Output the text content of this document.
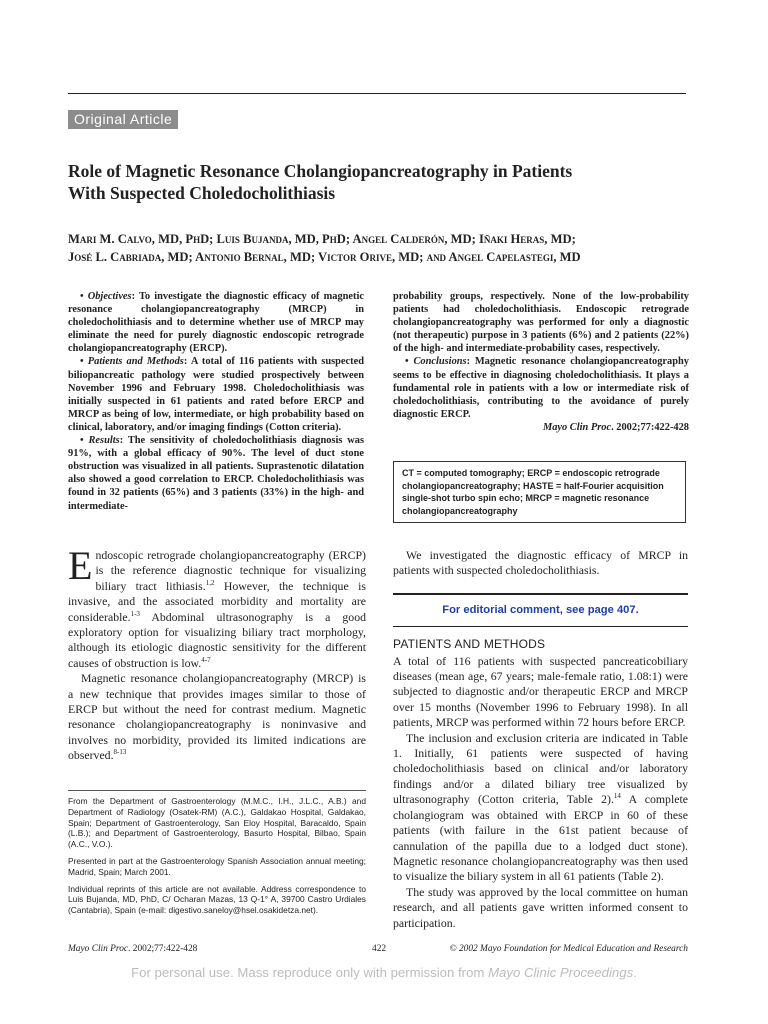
Original Article
Role of Magnetic Resonance Cholangiopancreatography in Patients
With Suspected Choledocholithiasis
Mari M. Calvo, MD, PhD; Luis Bujanda, MD, PhD; Angel Calderón, MD; Iñaki Heras, MD;
José L. Cabriada, MD; Antonio Bernal, MD; Victor Orive, MD; and Angel Capelastegi, MD

• Objectives: To investigate the diagnostic efficacy of magnetic resonance cholangiopancreatography (MRCP) in choledocholithiasis and to determine whether use of MRCP may eliminate the need for purely diagnostic endoscopic retrograde cholangiopancreatography (ERCP).

• Patients and Methods: A total of 116 patients with suspected biliopancreatic pathology were studied prospectively between November 1996 and February 1998. Choledocholithiasis was initially suspected in 61 patients and rated before ERCP and MRCP as being of low, intermediate, or high probability based on clinical, laboratory, and/or imaging findings (Cotton criteria).

• Results: The sensitivity of choledocholithiasis diagnosis was 91%, with a global efficacy of 90%. The level of duct stone obstruction was visualized in all patients. Suprastenotic dilatation also showed a good correlation to ERCP. Choledocholithiasis was found in 32 patients (65%) and 3 patients (33%) in the high- and intermediate-

probability groups, respectively. None of the low-probability patients had choledocholithiasis. Endoscopic retrograde cholangiopancreatography was performed for only a diagnostic (not therapeutic) purpose in 3 patients (6%) and 2 patients (22%) of the high- and intermediate-probability cases, respectively.

• Conclusions: Magnetic resonance cholangiopancreatography seems to be effective in diagnosing choledocholithiasis. It plays a fundamental role in patients with a low or intermediate risk of choledocholithiasis, contributing to the avoidance of purely diagnostic ERCP.

Mayo Clin Proc. 2002;77:422-428
CT = computed tomography; ERCP = endoscopic retrograde cholangiopancreatography; HASTE = half-Fourier acquisition single-shot turbo spin echo; MRCP = magnetic resonance cholangiopancreatography

Endoscopic retrograde cholangiopancreatography (ERCP) is the reference diagnostic technique for visualizing biliary tract lithiasis.$^{1,2}$ However, the technique is invasive, and the associated morbidity and mortality are considerable.$^{1-3}$ Abdominal ultrasonography is a good exploratory option for visualizing biliary tract morphology, although its etiologic diagnostic sensitivity for the different causes of obstruction is low.$^{4-7}$

Magnetic resonance cholangiopancreatography (MRCP) is a new technique that provides images similar to those of ERCP but without the need for contrast medium. Magnetic resonance cholangiopancreatography is noninvasive and involves no morbidity, provided its limited indications are observed.$^{8-13}$

We investigated the diagnostic efficacy of MRCP in patients with suspected choledocholithiasis.

For editorial comment, see page 407.
PATIENTS AND METHODS

A total of 116 patients with suspected pancreaticobiliary diseases (mean age, 67 years; male-female ratio, 1.08:1) were subjected to diagnostic and/or therapeutic ERCP and MRCP over 15 months (November 1996 to February 1998). In all patients, MRCP was performed within 72 hours before ERCP.

The inclusion and exclusion criteria are indicated in Table 1. Initially, 61 patients were suspected of having choledocholithiasis based on clinical and/or laboratory findings and/or a dilated biliary tree visualized by ultrasonography (Cotton criteria, Table 2).$^{14}$ A complete cholangiogram was obtained with ERCP in 60 of these patients (with failure in the 61st patient because of cannulation of the papilla due to a lodged duct stone). Magnetic resonance cholangiopancreatography was then used to visualize the biliary system in all 61 patients (Table 2).

The study was approved by the local committee on human research, and all patients gave written informed consent to participation.

From the Department of Gastroenterology (M.M.C., I.H., J.L.C., A.B.) and Department of Radiology (Osatek-RM) (A.C.), Galdakao Hospital, Galdakao, Spain; Department of Gastroenterology, San Eloy Hospital, Baracaldo, Spain (L.B.); and Department of Gastroenterology, Basurto Hospital, Bilbao, Spain (A.C., V.O.).

Presented in part at the Gastroenterology Spanish Association annual meeting; Madrid, Spain; March 2001.

Individual reprints of this article are not available. Address correspondence to Luis Bujanda, MD, PhD, C/ Ocharan Mazas, 13 Q-1° A, 39700 Castro Urdiales (Cantabria), Spain (e-mail: digestivo.saneloy@hsel.osakidetza.net).

Mayo Clin Proc. 2002;77:422-428	422	© 2002 Mayo Foundation for Medical Education and Research
For personal use. Mass reproduce only with permission from Mayo Clinic Proceedings.
